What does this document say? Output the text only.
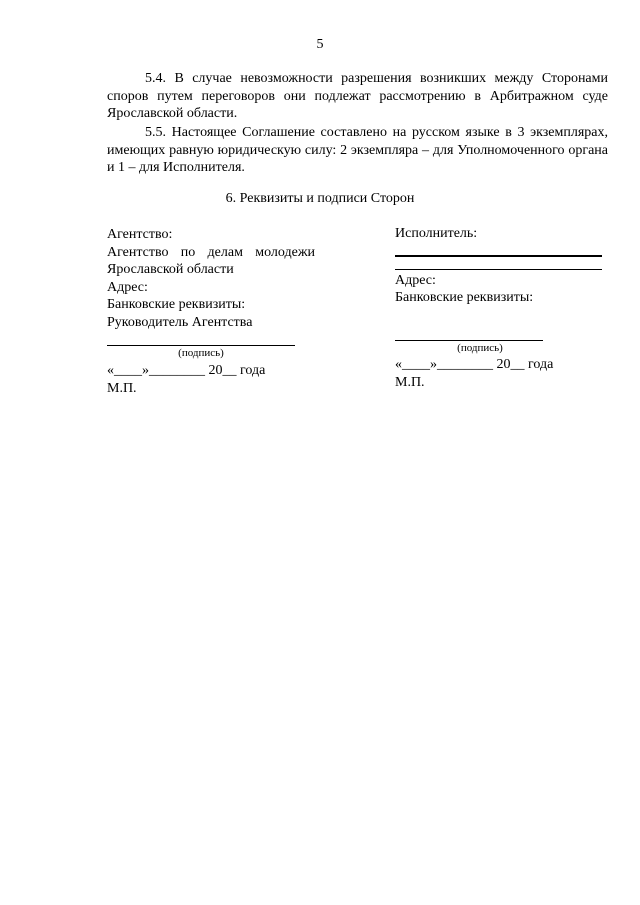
5

5.4. В случае невозможности разрешения возникших между Сторонами споров путем переговоров они подлежат рассмотрению в Арбитражном суде Ярославской области.

5.5. Настоящее Соглашение составлено на русском языке в 3 экземплярах, имеющих равную юридическую силу: 2 экземпляра – для Уполномоченного органа и 1 – для Исполнителя.

6. Реквизиты и подписи Сторон
Агентство:
Агентство по делам молодежи
Ярославской области
Адрес:
Банковские реквизиты:
Руководитель Агентства
(подпись)
«____»________ 20__ года
М.П.
Исполнитель:
Адрес:
Банковские реквизиты:
(подпись)
«____»________ 20__ года
М.П.
